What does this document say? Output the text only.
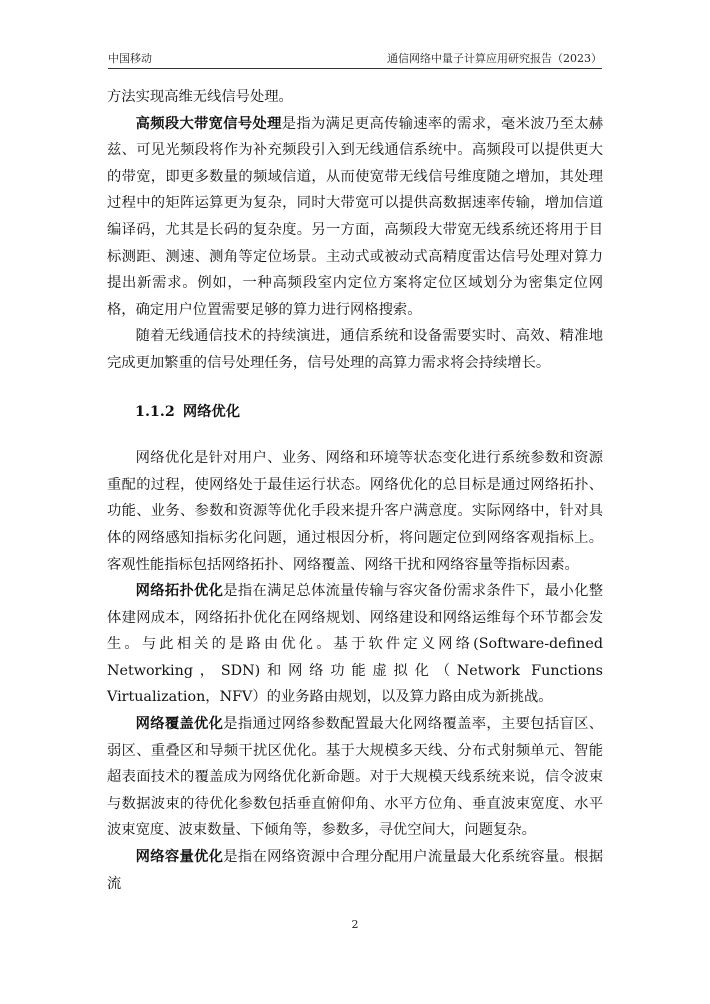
中国移动	通信网络中量子计算应用研究报告（2023）

方法实现高维无线信号处理。

高频段大带宽信号处理是指为满足更高传输速率的需求，毫米波乃至太赫兹、可见光频段将作为补充频段引入到无线通信系统中。高频段可以提供更大的带宽，即更多数量的频域信道，从而使宽带无线信号维度随之增加，其处理过程中的矩阵运算更为复杂，同时大带宽可以提供高数据速率传输，增加信道编译码，尤其是长码的复杂度。另一方面，高频段大带宽无线系统还将用于目标测距、测速、测角等定位场景。主动式或被动式高精度雷达信号处理对算力提出新需求。例如，一种高频段室内定位方案将定位区域划分为密集定位网格，确定用户位置需要足够的算力进行网格搜索。

随着无线通信技术的持续演进，通信系统和设备需要实时、高效、精准地完成更加繁重的信号处理任务，信号处理的高算力需求将会持续增长。

1.1.2 网络优化

网络优化是针对用户、业务、网络和环境等状态变化进行系统参数和资源重配的过程，使网络处于最佳运行状态。网络优化的总目标是通过网络拓扑、功能、业务、参数和资源等优化手段来提升客户满意度。实际网络中，针对具体的网络感知指标劣化问题，通过根因分析，将问题定位到网络客观指标上。客观性能指标包括网络拓扑、网络覆盖、网络干扰和网络容量等指标因素。

网络拓扑优化是指在满足总体流量传输与容灾备份需求条件下，最小化整体建网成本，网络拓扑优化在网络规划、网络建设和网络运维每个环节都会发生。与此相关的是路由优化。基于软件定义网络(Software-defined Networking，SDN)和网络功能虚拟化（Network Functions Virtualization，NFV）的业务路由规划，以及算力路由成为新挑战。

网络覆盖优化是指通过网络参数配置最大化网络覆盖率，主要包括盲区、弱区、重叠区和导频干扰区优化。基于大规模多天线、分布式射频单元、智能超表面技术的覆盖成为网络优化新命题。对于大规模天线系统来说，信令波束与数据波束的待优化参数包括垂直俯仰角、水平方位角、垂直波束宽度、水平波束宽度、波束数量、下倾角等，参数多，寻优空间大，问题复杂。

网络容量优化是指在网络资源中合理分配用户流量最大化系统容量。根据流

2
